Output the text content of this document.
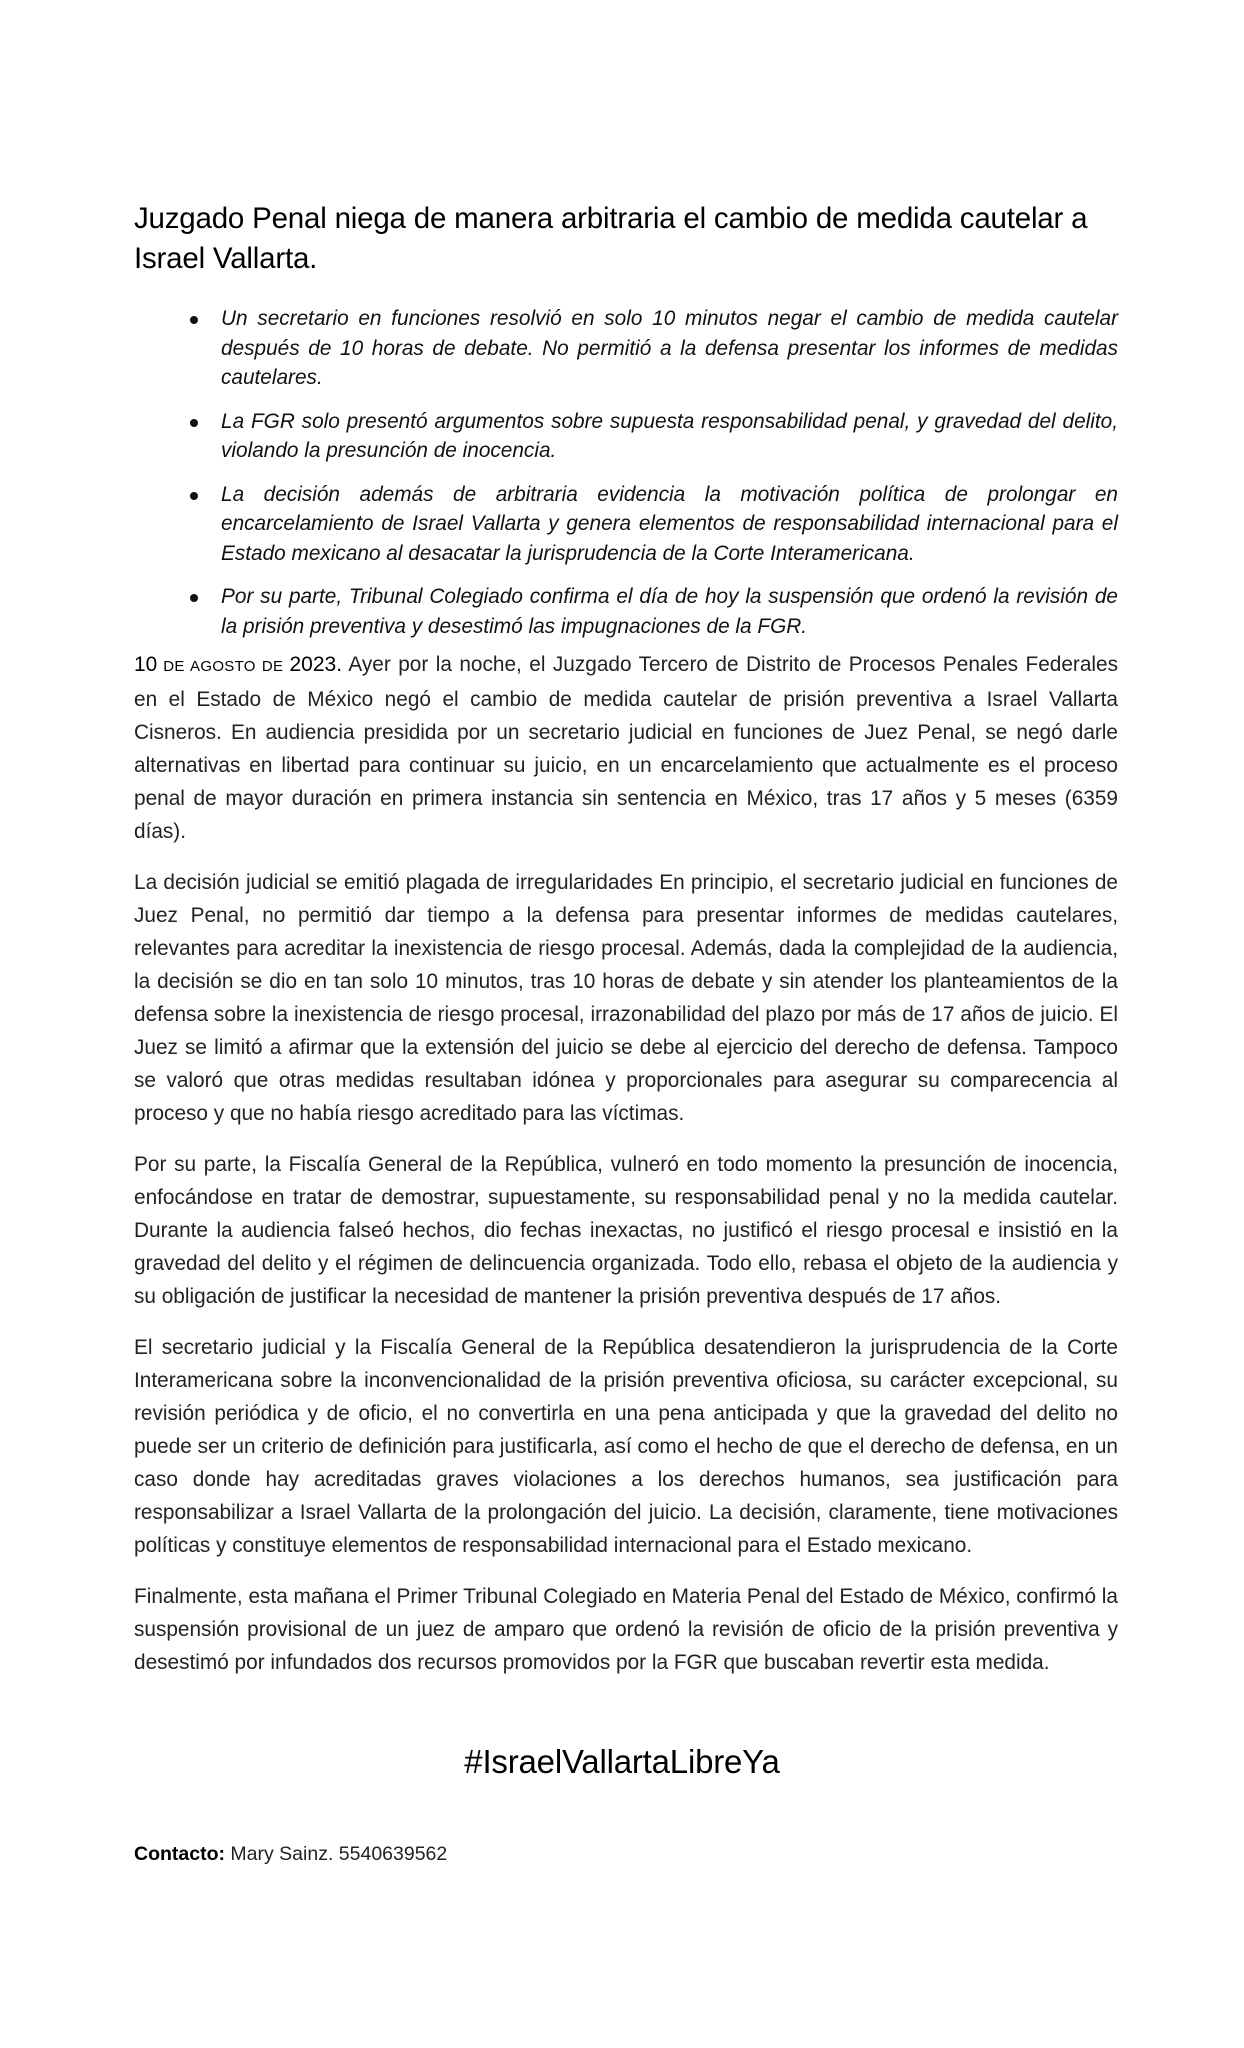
Juzgado Penal niega de manera arbitraria el cambio de medida cautelar a Israel Vallarta.
Un secretario en funciones resolvió en solo 10 minutos negar el cambio de medida cautelar después de 10 horas de debate. No permitió a la defensa presentar los informes de medidas cautelares.
La FGR solo presentó argumentos sobre supuesta responsabilidad penal, y gravedad del delito, violando la presunción de inocencia.
La decisión además de arbitraria evidencia la motivación política de prolongar en encarcelamiento de Israel Vallarta y genera elementos de responsabilidad internacional para el Estado mexicano al desacatar la jurisprudencia de la Corte Interamericana.
Por su parte, Tribunal Colegiado confirma el día de hoy la suspensión que ordenó la revisión de la prisión preventiva y desestimó las impugnaciones de la FGR.

10 DE AGOSTO DE 2023. Ayer por la noche, el Juzgado Tercero de Distrito de Procesos Penales Federales en el Estado de México negó el cambio de medida cautelar de prisión preventiva a Israel Vallarta Cisneros. En audiencia presidida por un secretario judicial en funciones de Juez Penal, se negó darle alternativas en libertad para continuar su juicio, en un encarcelamiento que actualmente es el proceso penal de mayor duración en primera instancia sin sentencia en México, tras 17 años y 5 meses (6359 días).

La decisión judicial se emitió plagada de irregularidades En principio, el secretario judicial en funciones de Juez Penal, no permitió dar tiempo a la defensa para presentar informes de medidas cautelares, relevantes para acreditar la inexistencia de riesgo procesal. Además, dada la complejidad de la audiencia, la decisión se dio en tan solo 10 minutos, tras 10 horas de debate y sin atender los planteamientos de la defensa sobre la inexistencia de riesgo procesal, irrazonabilidad del plazo por más de 17 años de juicio. El Juez se limitó a afirmar que la extensión del juicio se debe al ejercicio del derecho de defensa. Tampoco se valoró que otras medidas resultaban idónea y proporcionales para asegurar su comparecencia al proceso y que no había riesgo acreditado para las víctimas.

Por su parte, la Fiscalía General de la República, vulneró en todo momento la presunción de inocencia, enfocándose en tratar de demostrar, supuestamente, su responsabilidad penal y no la medida cautelar. Durante la audiencia falseó hechos, dio fechas inexactas, no justificó el riesgo procesal e insistió en la gravedad del delito y el régimen de delincuencia organizada. Todo ello, rebasa el objeto de la audiencia y su obligación de justificar la necesidad de mantener la prisión preventiva después de 17 años.

El secretario judicial y la Fiscalía General de la República desatendieron la jurisprudencia de la Corte Interamericana sobre la inconvencionalidad de la prisión preventiva oficiosa, su carácter excepcional, su revisión periódica y de oficio, el no convertirla en una pena anticipada y que la gravedad del delito no puede ser un criterio de definición para justificarla, así como el hecho de que el derecho de defensa, en un caso donde hay acreditadas graves violaciones a los derechos humanos, sea justificación para responsabilizar a Israel Vallarta de la prolongación del juicio. La decisión, claramente, tiene motivaciones políticas y constituye elementos de responsabilidad internacional para el Estado mexicano.

Finalmente, esta mañana el Primer Tribunal Colegiado en Materia Penal del Estado de México, confirmó la suspensión provisional de un juez de amparo que ordenó la revisión de oficio de la prisión preventiva y desestimó por infundados dos recursos promovidos por la FGR que buscaban revertir esta medida.

#IsraelVallartaLibreYa
Contacto: Mary Sainz. 5540639562
